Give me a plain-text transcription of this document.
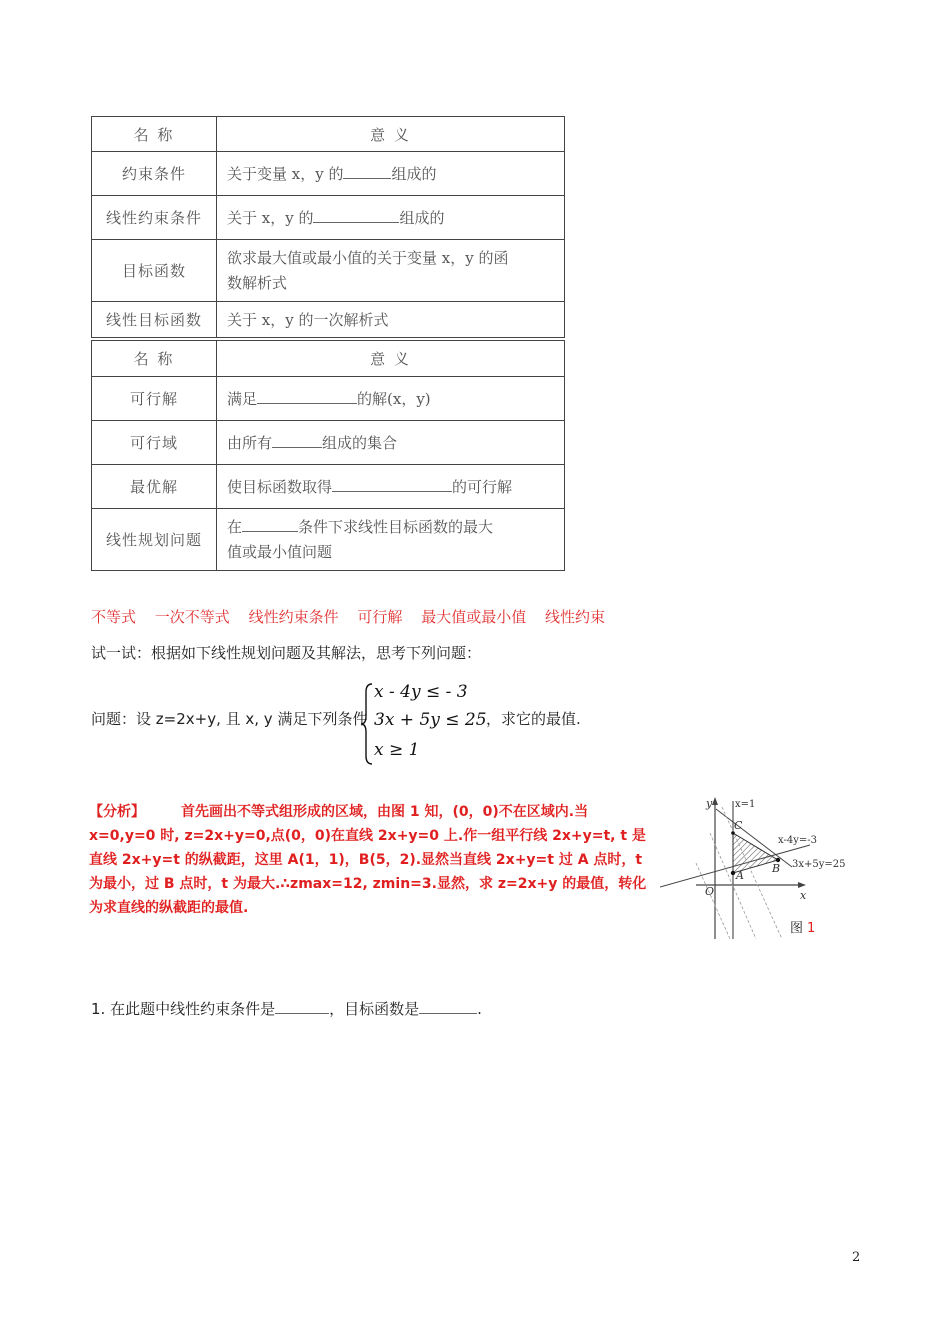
名 称	意 义
约束条件	关于变量 x，y 的 组成的
线性约束条件	关于 x，y 的 组成的
目标函数	欲求最大值或最小值的关于变量 x，y 的函
数解析式

线性目标函数	关于 x，y 的一次解析式
名 称	意 义
可行解	满足 的解(x，y)
可行域	由所有 组成的集合
最优解	使目标函数取得 的可行解
线性规划问题	在 条件下求线性目标函数的最大
值或最小值问题
不等式 一次不等式 线性约束条件 可行解 最大值或最小值 线性约束
试一试：根据如下线性规划问题及其解法，思考下列问题：
问题：设 z=2x+y, 且 x, y 满足下列条件
x - 4y ≤ - 3
3x + 5y ≤ 25
x ≥ 1
，求它的最值.
【分析】	首先画出不等式组形成的区域，由图 1 知，(0，0)不在区域内.当 x=0,y=0 时, z=2x+y=0,点(0，0)在直线 2x+y=0 上.作一组平行线 2x+y=t, t 是直线 2x+y=t 的纵截距，这里 A(1，1)，B(5，2).显然当直线 2x+y=t 过 A 点时，t 为最小，过 B 点时，t 为最大.∴zmax=12, zmin=3.显然，求 z=2x+y 的最值，转化为求直线的纵截距的最值.
y
x
O
C
A
B
x=1
x-4y=-3
3x+5y=25
图 1
1. 在此题中线性约束条件是	，目标函数是	.
2
